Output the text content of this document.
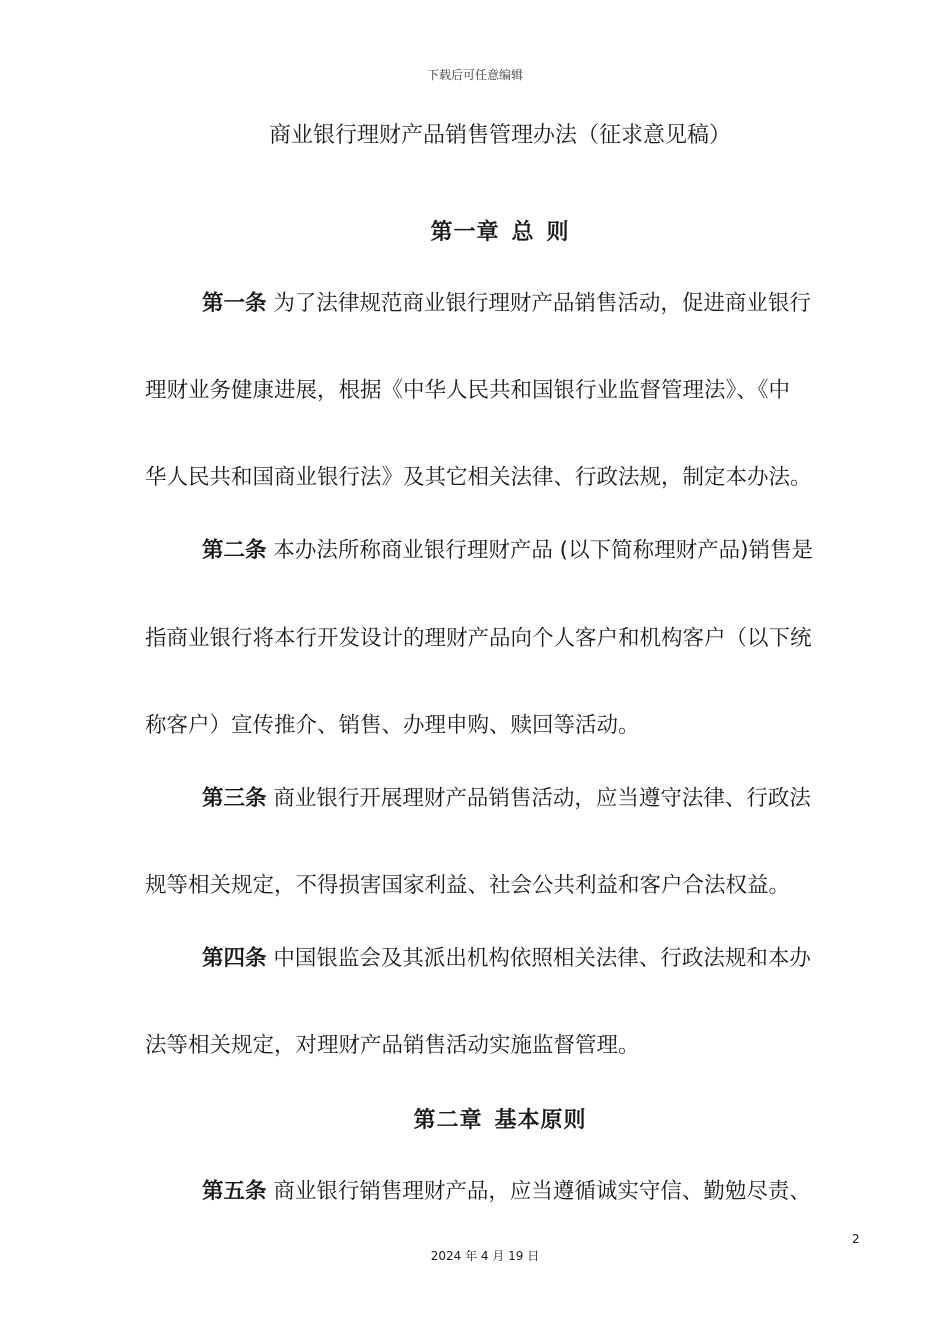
下载后可任意编辑
商业银行理财产品销售管理办法（征求意见稿）
第一章 总 则
第一条 为了法律规范商业银行理财产品销售活动，促进商业银行
理财业务健康进展，根据《中华人民共和国银行业监督管理法》、《中
华人民共和国商业银行法》及其它相关法律、行政法规，制定本办法。
第二条 本办法所称商业银行理财产品 (以下简称理财产品)销售是
指商业银行将本行开发设计的理财产品向个人客户和机构客户（以下统
称客户）宣传推介、销售、办理申购、赎回等活动。
第三条 商业银行开展理财产品销售活动，应当遵守法律、行政法
规等相关规定，不得损害国家利益、社会公共利益和客户合法权益。
第四条 中国银监会及其派出机构依照相关法律、行政法规和本办
法等相关规定，对理财产品销售活动实施监督管理。
第二章 基本原则
第五条 商业银行销售理财产品，应当遵循诚实守信、勤勉尽责、
2
2024 年 4 月 19 日
